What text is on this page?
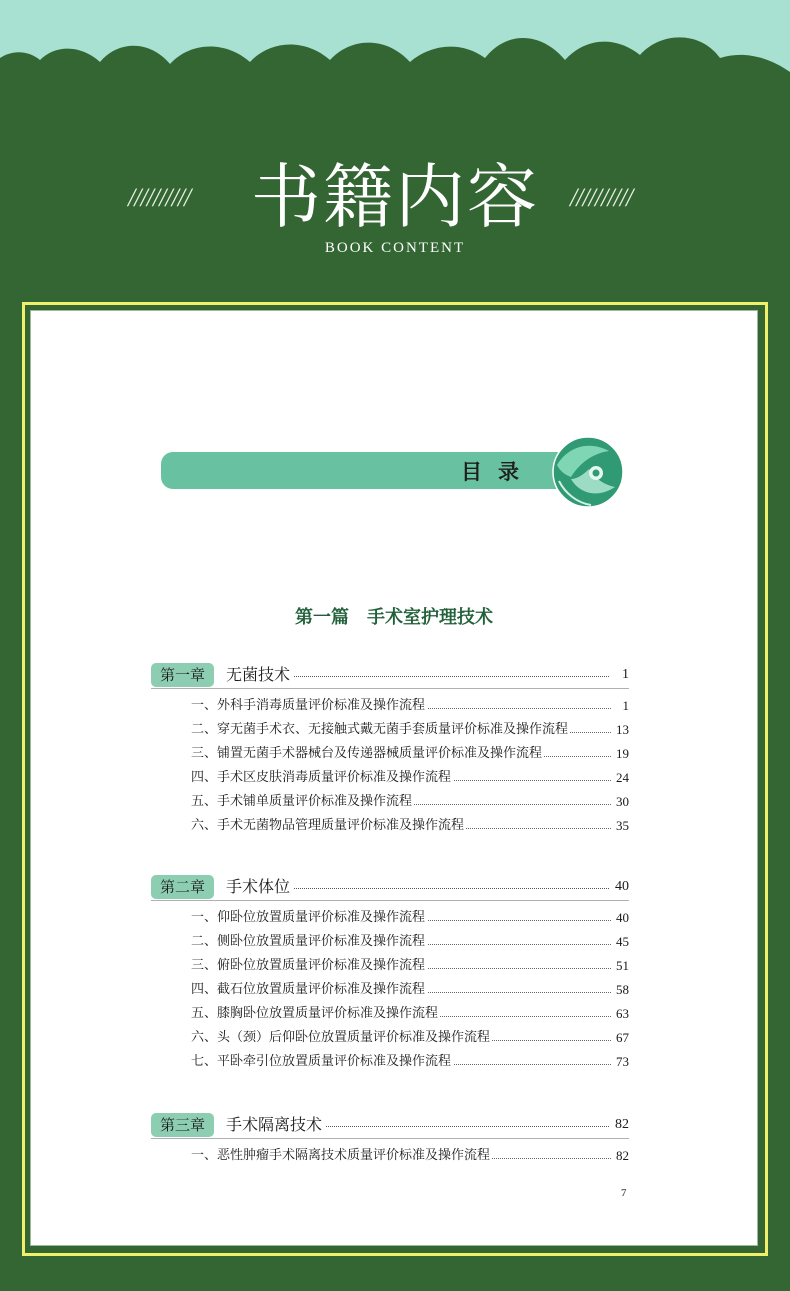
////////// 书籍内容	//////////
BOOK CONTENT
目录
第一篇　手术室护理技术
第一章	无菌技术	1
一、外科手消毒质量评价标准及操作流程	1
二、穿无菌手术衣、无接触式戴无菌手套质量评价标准及操作流程	13
三、铺置无菌手术器械台及传递器械质量评价标准及操作流程	19
四、手术区皮肤消毒质量评价标准及操作流程	24
五、手术铺单质量评价标准及操作流程	30
六、手术无菌物品管理质量评价标准及操作流程	35
第二章	手术体位	40
一、仰卧位放置质量评价标准及操作流程	40
二、侧卧位放置质量评价标准及操作流程	45
三、俯卧位放置质量评价标准及操作流程	51
四、截石位放置质量评价标准及操作流程	58
五、膝胸卧位放置质量评价标准及操作流程	63
六、头（颈）后仰卧位放置质量评价标准及操作流程	67
七、平卧牵引位放置质量评价标准及操作流程	73
第三章	手术隔离技术	82
一、恶性肿瘤手术隔离技术质量评价标准及操作流程	82
7
